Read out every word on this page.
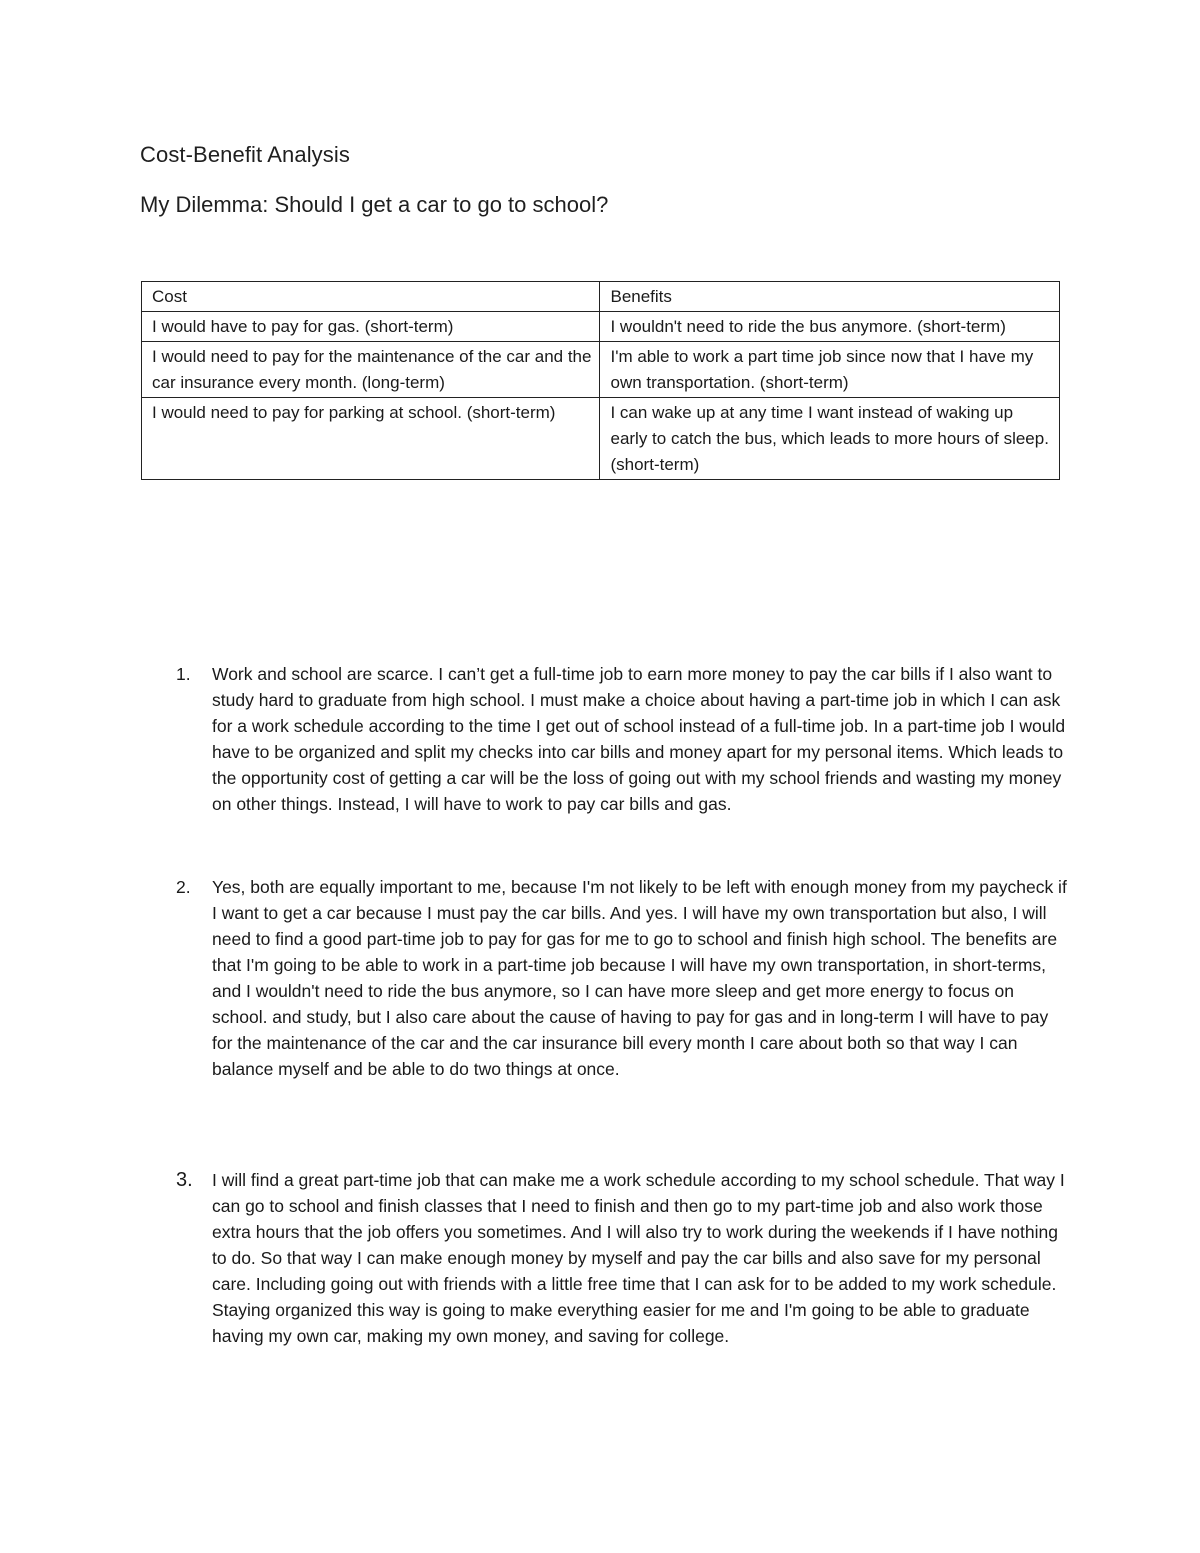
Cost-Benefit Analysis
My Dilemma: Should I get a car to go to school?
Cost	Benefits
I would have to pay for gas. (short-term)	I wouldn't need to ride the bus anymore. (short-term)
I would need to pay for the maintenance of the car and the car insurance every month. (long-term)	I'm able to work a part time job since now that I have my own transportation. (short-term)
I would need to pay for parking at school. (short-term)	I can wake up at any time I want instead of waking up early to catch the bus, which leads to more hours of sleep. (short-term)
1. Work and school are scarce. I can’t get a full-time job to earn more money to pay the car bills if I also want to study hard to graduate from high school. I must make a choice about having a part-time job in which I can ask for a work schedule according to the time I get out of school instead of a full-time job. In a part-time job I would have to be organized and split my checks into car bills and money apart for my personal items. Which leads to the opportunity cost of getting a car will be the loss of going out with my school friends and wasting my money on other things. Instead, I will have to work to pay car bills and gas.
2. Yes, both are equally important to me, because I'm not likely to be left with enough money from my paycheck if I want to get a car because I must pay the car bills. And yes. I will have my own transportation but also, I will need to find a good part-time job to pay for gas for me to go to school and finish high school. The benefits are that I'm going to be able to work in a part-time job because I will have my own transportation, in short-terms, and I wouldn't need to ride the bus anymore, so I can have more sleep and get more energy to focus on school. and study, but I also care about the cause of having to pay for gas and in long-term I will have to pay for the maintenance of the car and the car insurance bill every month I care about both so that way I can balance myself and be able to do two things at once.
3. I will find a great part-time job that can make me a work schedule according to my school schedule. That way I can go to school and finish classes that I need to finish and then go to my part-time job and also work those extra hours that the job offers you sometimes. And I will also try to work during the weekends if I have nothing to do. So that way I can make enough money by myself and pay the car bills and also save for my personal care. Including going out with friends with a little free time that I can ask for to be added to my work schedule. Staying organized this way is going to make everything easier for me and I'm going to be able to graduate having my own car, making my own money, and saving for college.
